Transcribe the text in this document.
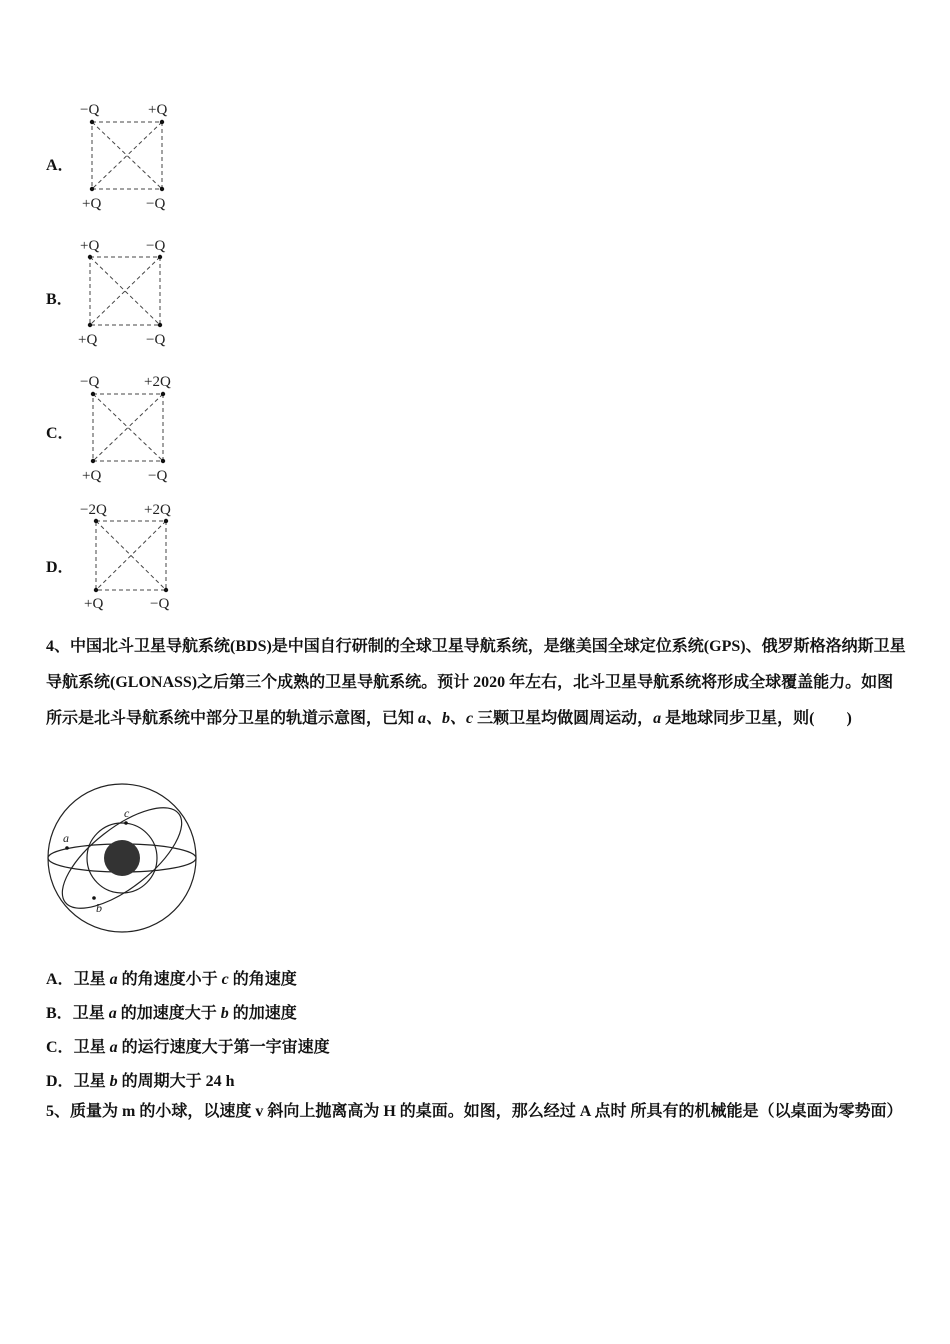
A．
−Q	+Q
+Q	−Q
B．
+Q	−Q
+Q	−Q
C．
−Q	+2Q
+Q	−Q
D．
−2Q +2Q
+Q	−Q
4、中国北斗卫星导航系统(BDS)是中国自行研制的全球卫星导航系统，是继美国全球定位系统(GPS)、俄罗斯格洛纳斯卫星导航系统(GLONASS)之后第三个成熟的卫星导航系统。预计 2020 年左右，北斗卫星导航系统将形成全球覆盖能力。如图所示是北斗导航系统中部分卫星的轨道示意图，已知 a、b、c 三颗卫星均做圆周运动，a 是地球同步卫星，则(　　)
a
c
b
A．卫星 a 的角速度小于 c 的角速度
B．卫星 a 的加速度大于 b 的加速度
C．卫星 a 的运行速度大于第一宇宙速度
D．卫星 b 的周期大于 24 h
5、质量为 m 的小球，以速度 v 斜向上抛离高为 H 的桌面。如图，那么经过 A 点时 所具有的机械能是（以桌面为零势面）
